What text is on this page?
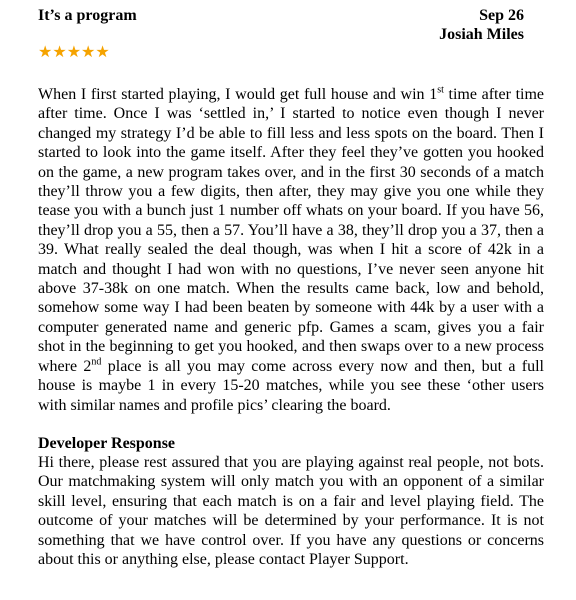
It’s a program	Sep 26
Josiah Miles
★★★★★
When I first started playing, I would get full house and win 1st time after time after time. Once I was ‘settled in,’ I started to notice even though I never changed my strategy I’d be able to fill less and less spots on the board. Then I started to look into the game itself. After they feel they’ve gotten you hooked on the game, a new program takes over, and in the first 30 seconds of a match they’ll throw you a few digits, then after, they may give you one while they tease you with a bunch just 1 number off whats on your board. If you have 56, they’ll drop you a 55, then a 57. You’ll have a 38, they’ll drop you a 37, then a 39. What really sealed the deal though, was when I hit a score of 42k in a match and thought I had won with no questions, I’ve never seen anyone hit above 37-38k on one match. When the results came back, low and behold, somehow some way I had been beaten by someone with 44k by a user with a computer generated name and generic pfp. Games a scam, gives you a fair shot in the beginning to get you hooked, and then swaps over to a new process where 2nd place is all you may come across every now and then, but a full house is maybe 1 in every 15-20 matches, while you see these ‘other users with similar names and profile pics’ clearing the board.
Developer Response
Hi there, please rest assured that you are playing against real people, not bots. Our matchmaking system will only match you with an opponent of a similar skill level, ensuring that each match is on a fair and level playing field. The outcome of your matches will be determined by your performance. It is not something that we have control over. If you have any questions or concerns about this or anything else, please contact Player Support.
